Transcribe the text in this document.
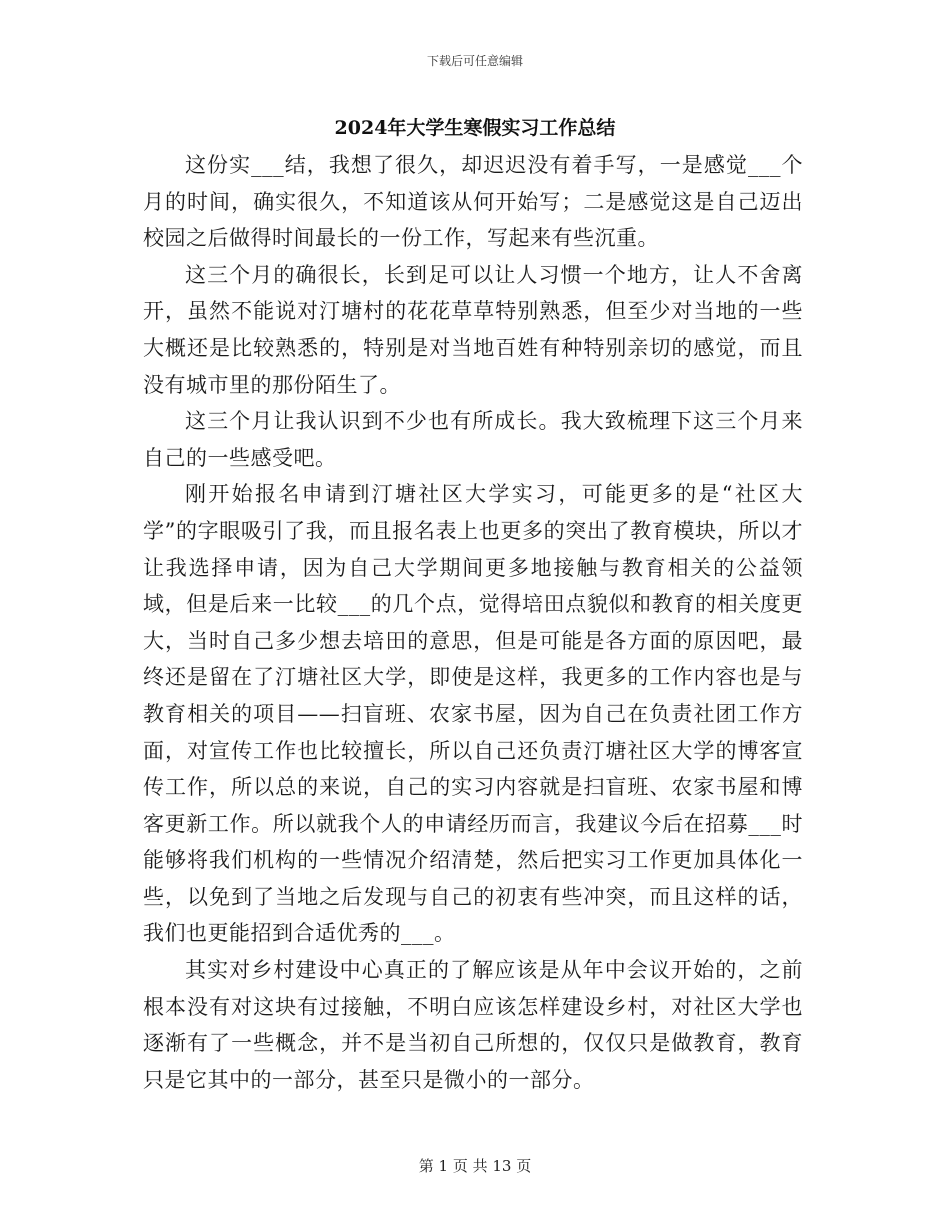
下载后可任意编辑
2024年大学生寒假实习工作总结

这份实___结，我想了很久，却迟迟没有着手写，一是感觉___个月的时间，确实很久，不知道该从何开始写；二是感觉这是自己迈出校园之后做得时间最长的一份工作，写起来有些沉重。

这三个月的确很长，长到足可以让人习惯一个地方，让人不舍离开，虽然不能说对汀塘村的花花草草特别熟悉，但至少对当地的一些大概还是比较熟悉的，特别是对当地百姓有种特别亲切的感觉，而且没有城市里的那份陌生了。

这三个月让我认识到不少也有所成长。我大致梳理下这三个月来自己的一些感受吧。

刚开始报名申请到汀塘社区大学实习，可能更多的是“社区大学”的字眼吸引了我，而且报名表上也更多的突出了教育模块，所以才让我选择申请，因为自己大学期间更多地接触与教育相关的公益领域，但是后来一比较___的几个点，觉得培田点貌似和教育的相关度更大，当时自己多少想去培田的意思，但是可能是各方面的原因吧，最终还是留在了汀塘社区大学，即使是这样，我更多的工作内容也是与教育相关的项目——扫盲班、农家书屋，因为自己在负责社团工作方面，对宣传工作也比较擅长，所以自己还负责汀塘社区大学的博客宣传工作，所以总的来说，自己的实习内容就是扫盲班、农家书屋和博客更新工作。所以就我个人的申请经历而言，我建议今后在招募___时能够将我们机构的一些情况介绍清楚，然后把实习工作更加具体化一些，以免到了当地之后发现与自己的初衷有些冲突，而且这样的话，我们也更能招到合适优秀的___。

其实对乡村建设中心真正的了解应该是从年中会议开始的，之前根本没有对这块有过接触，不明白应该怎样建设乡村，对社区大学也逐渐有了一些概念，并不是当初自己所想的，仅仅只是做教育，教育只是它其中的一部分，甚至只是微小的一部分。

第 1 页 共 13 页
